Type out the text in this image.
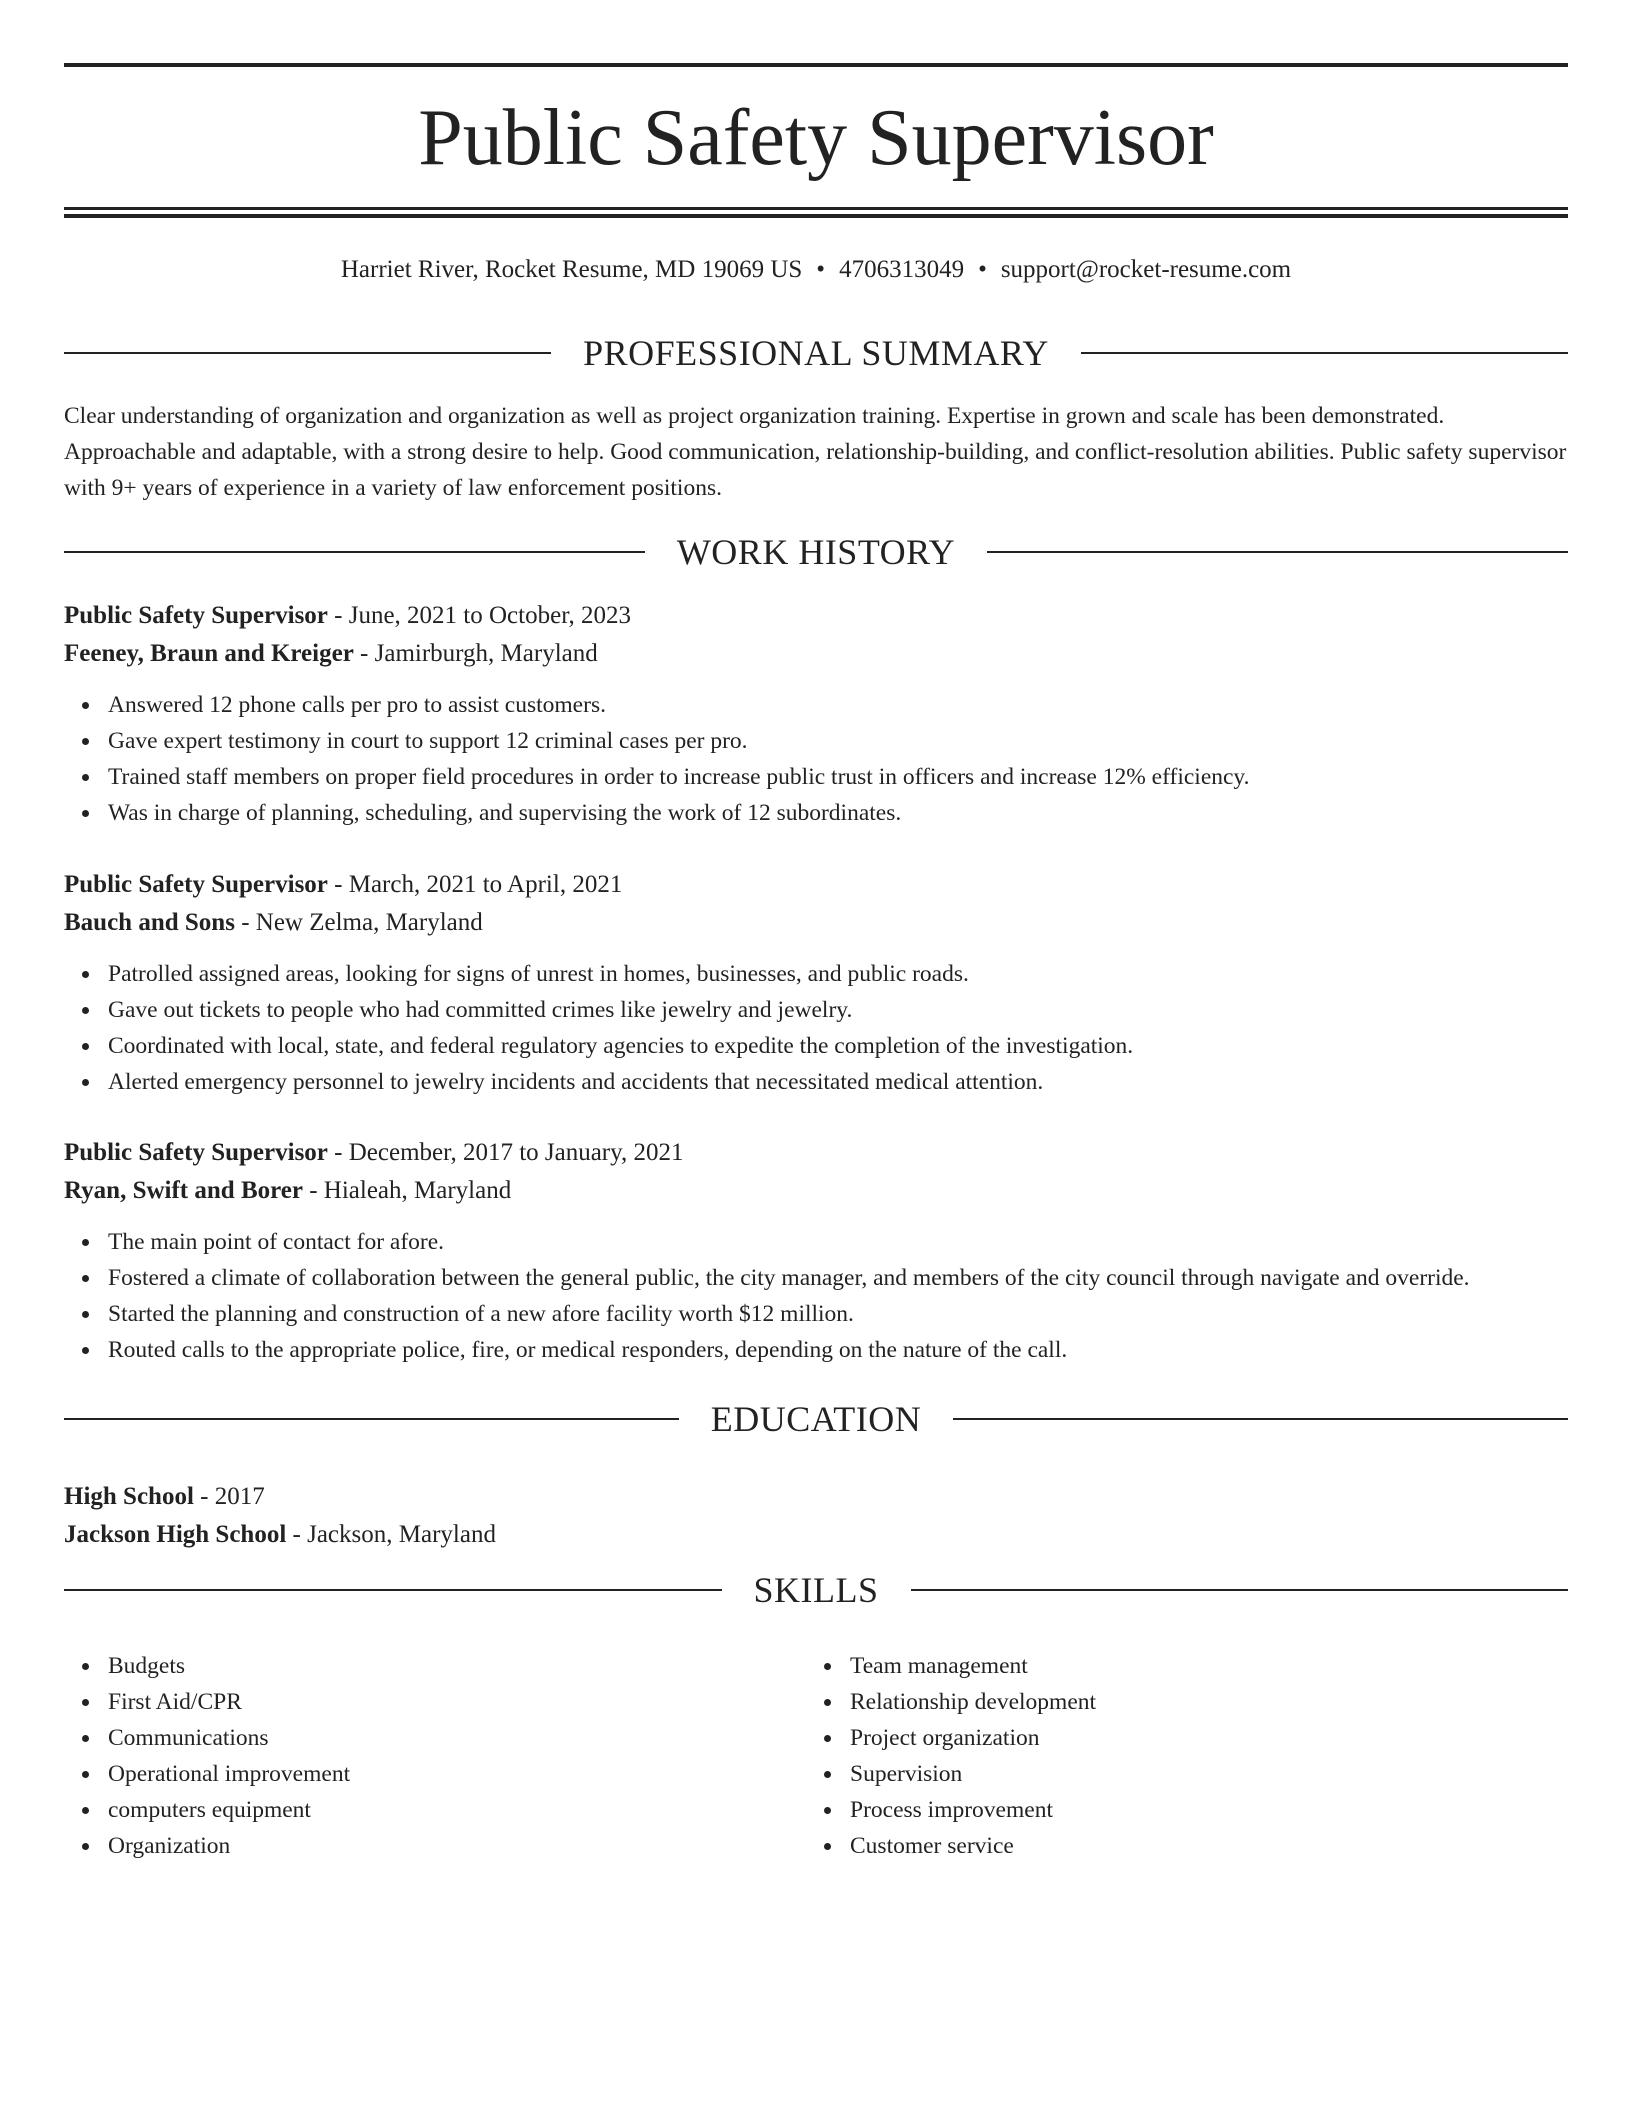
Public Safety Supervisor
Harriet River, Rocket Resume, MD 19069 US • 4706313049 • support@rocket-resume.com
PROFESSIONAL SUMMARY
Clear understanding of organization and organization as well as project organization training. Expertise in grown and scale has been demonstrated. Approachable and adaptable, with a strong desire to help. Good communication, relationship-building, and conflict-resolution abilities. Public safety supervisor with 9+ years of experience in a variety of law enforcement positions.
WORK HISTORY
Public Safety Supervisor - June, 2021 to October, 2023
Feeney, Braun and Kreiger - Jamirburgh, Maryland
Answered 12 phone calls per pro to assist customers.
Gave expert testimony in court to support 12 criminal cases per pro.
Trained staff members on proper field procedures in order to increase public trust in officers and increase 12% efficiency.
Was in charge of planning, scheduling, and supervising the work of 12 subordinates.
Public Safety Supervisor - March, 2021 to April, 2021
Bauch and Sons - New Zelma, Maryland
Patrolled assigned areas, looking for signs of unrest in homes, businesses, and public roads.
Gave out tickets to people who had committed crimes like jewelry and jewelry.
Coordinated with local, state, and federal regulatory agencies to expedite the completion of the investigation.
Alerted emergency personnel to jewelry incidents and accidents that necessitated medical attention.
Public Safety Supervisor - December, 2017 to January, 2021
Ryan, Swift and Borer - Hialeah, Maryland
The main point of contact for afore.
Fostered a climate of collaboration between the general public, the city manager, and members of the city council through navigate and override.
Started the planning and construction of a new afore facility worth $12 million.
Routed calls to the appropriate police, fire, or medical responders, depending on the nature of the call.
EDUCATION
High School - 2017
Jackson High School - Jackson, Maryland
SKILLS
Budgets
First Aid/CPR
Communications
Operational improvement
computers equipment
Organization
Team management
Relationship development
Project organization
Supervision
Process improvement
Customer service
